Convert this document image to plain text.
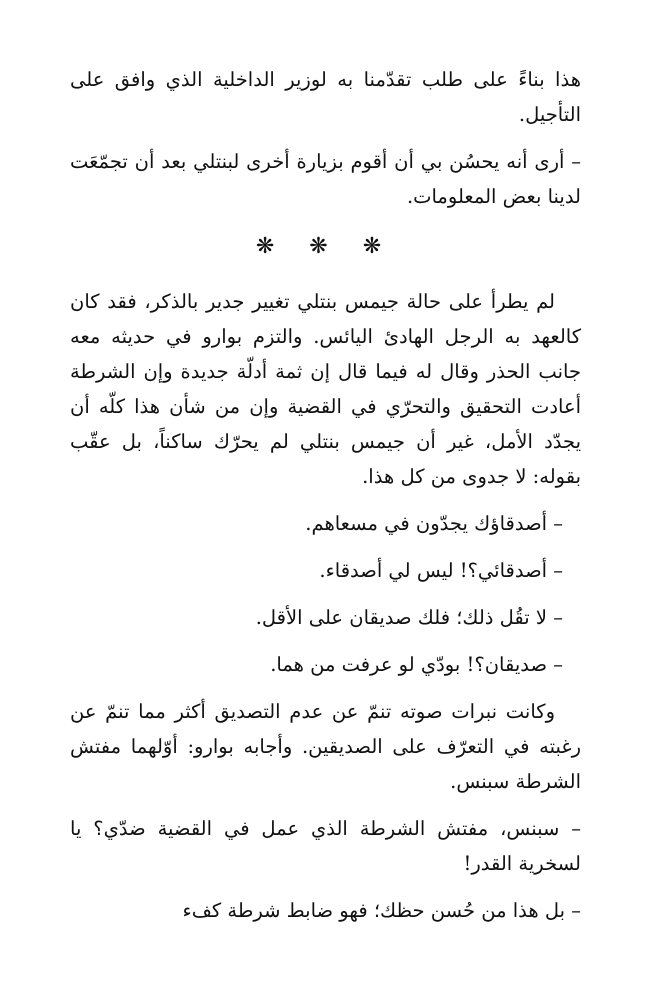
هذا بناءً على طلب تقدّمنا به لوزير الداخلية الذي وافق على التأجيل.

– أرى أنه يحسُن بي أن أقوم بزيارة أخرى لبنتلي بعد أن تجمّعَت لدينا بعض المعلومات.

❋ ❋ ❋

لم يطرأ على حالة جيمس بنتلي تغيير جدير بالذكر، فقد كان كالعهد به الرجل الهادئ اليائس. والتزم بوارو في حديثه معه جانب الحذر وقال له فيما قال إن ثمة أدلّة جديدة وإن الشرطة أعادت التحقيق والتحرّي في القضية وإن من شأن هذا كلّه أن يجدّد الأمل، غير أن جيمس بنتلي لم يحرّك ساكناً، بل عقّب بقوله: لا جدوى من كل هذا.

– أصدقاؤك يجدّون في مسعاهم.

– أصدقائي؟! ليس لي أصدقاء.

– لا تقُل ذلك؛ فلك صديقان على الأقل.

– صديقان؟! بودّي لو عرفت من هما.

وكانت نبرات صوته تنمّ عن عدم التصديق أكثر مما تنمّ عن رغبته في التعرّف على الصديقين. وأجابه بوارو: أوّلهما مفتش الشرطة سبنس.

– سبنس، مفتش الشرطة الذي عمل في القضية ضدّي؟ يا لسخرية القدر!

– بل هذا من حُسن حظك؛ فهو ضابط شرطة كفء
